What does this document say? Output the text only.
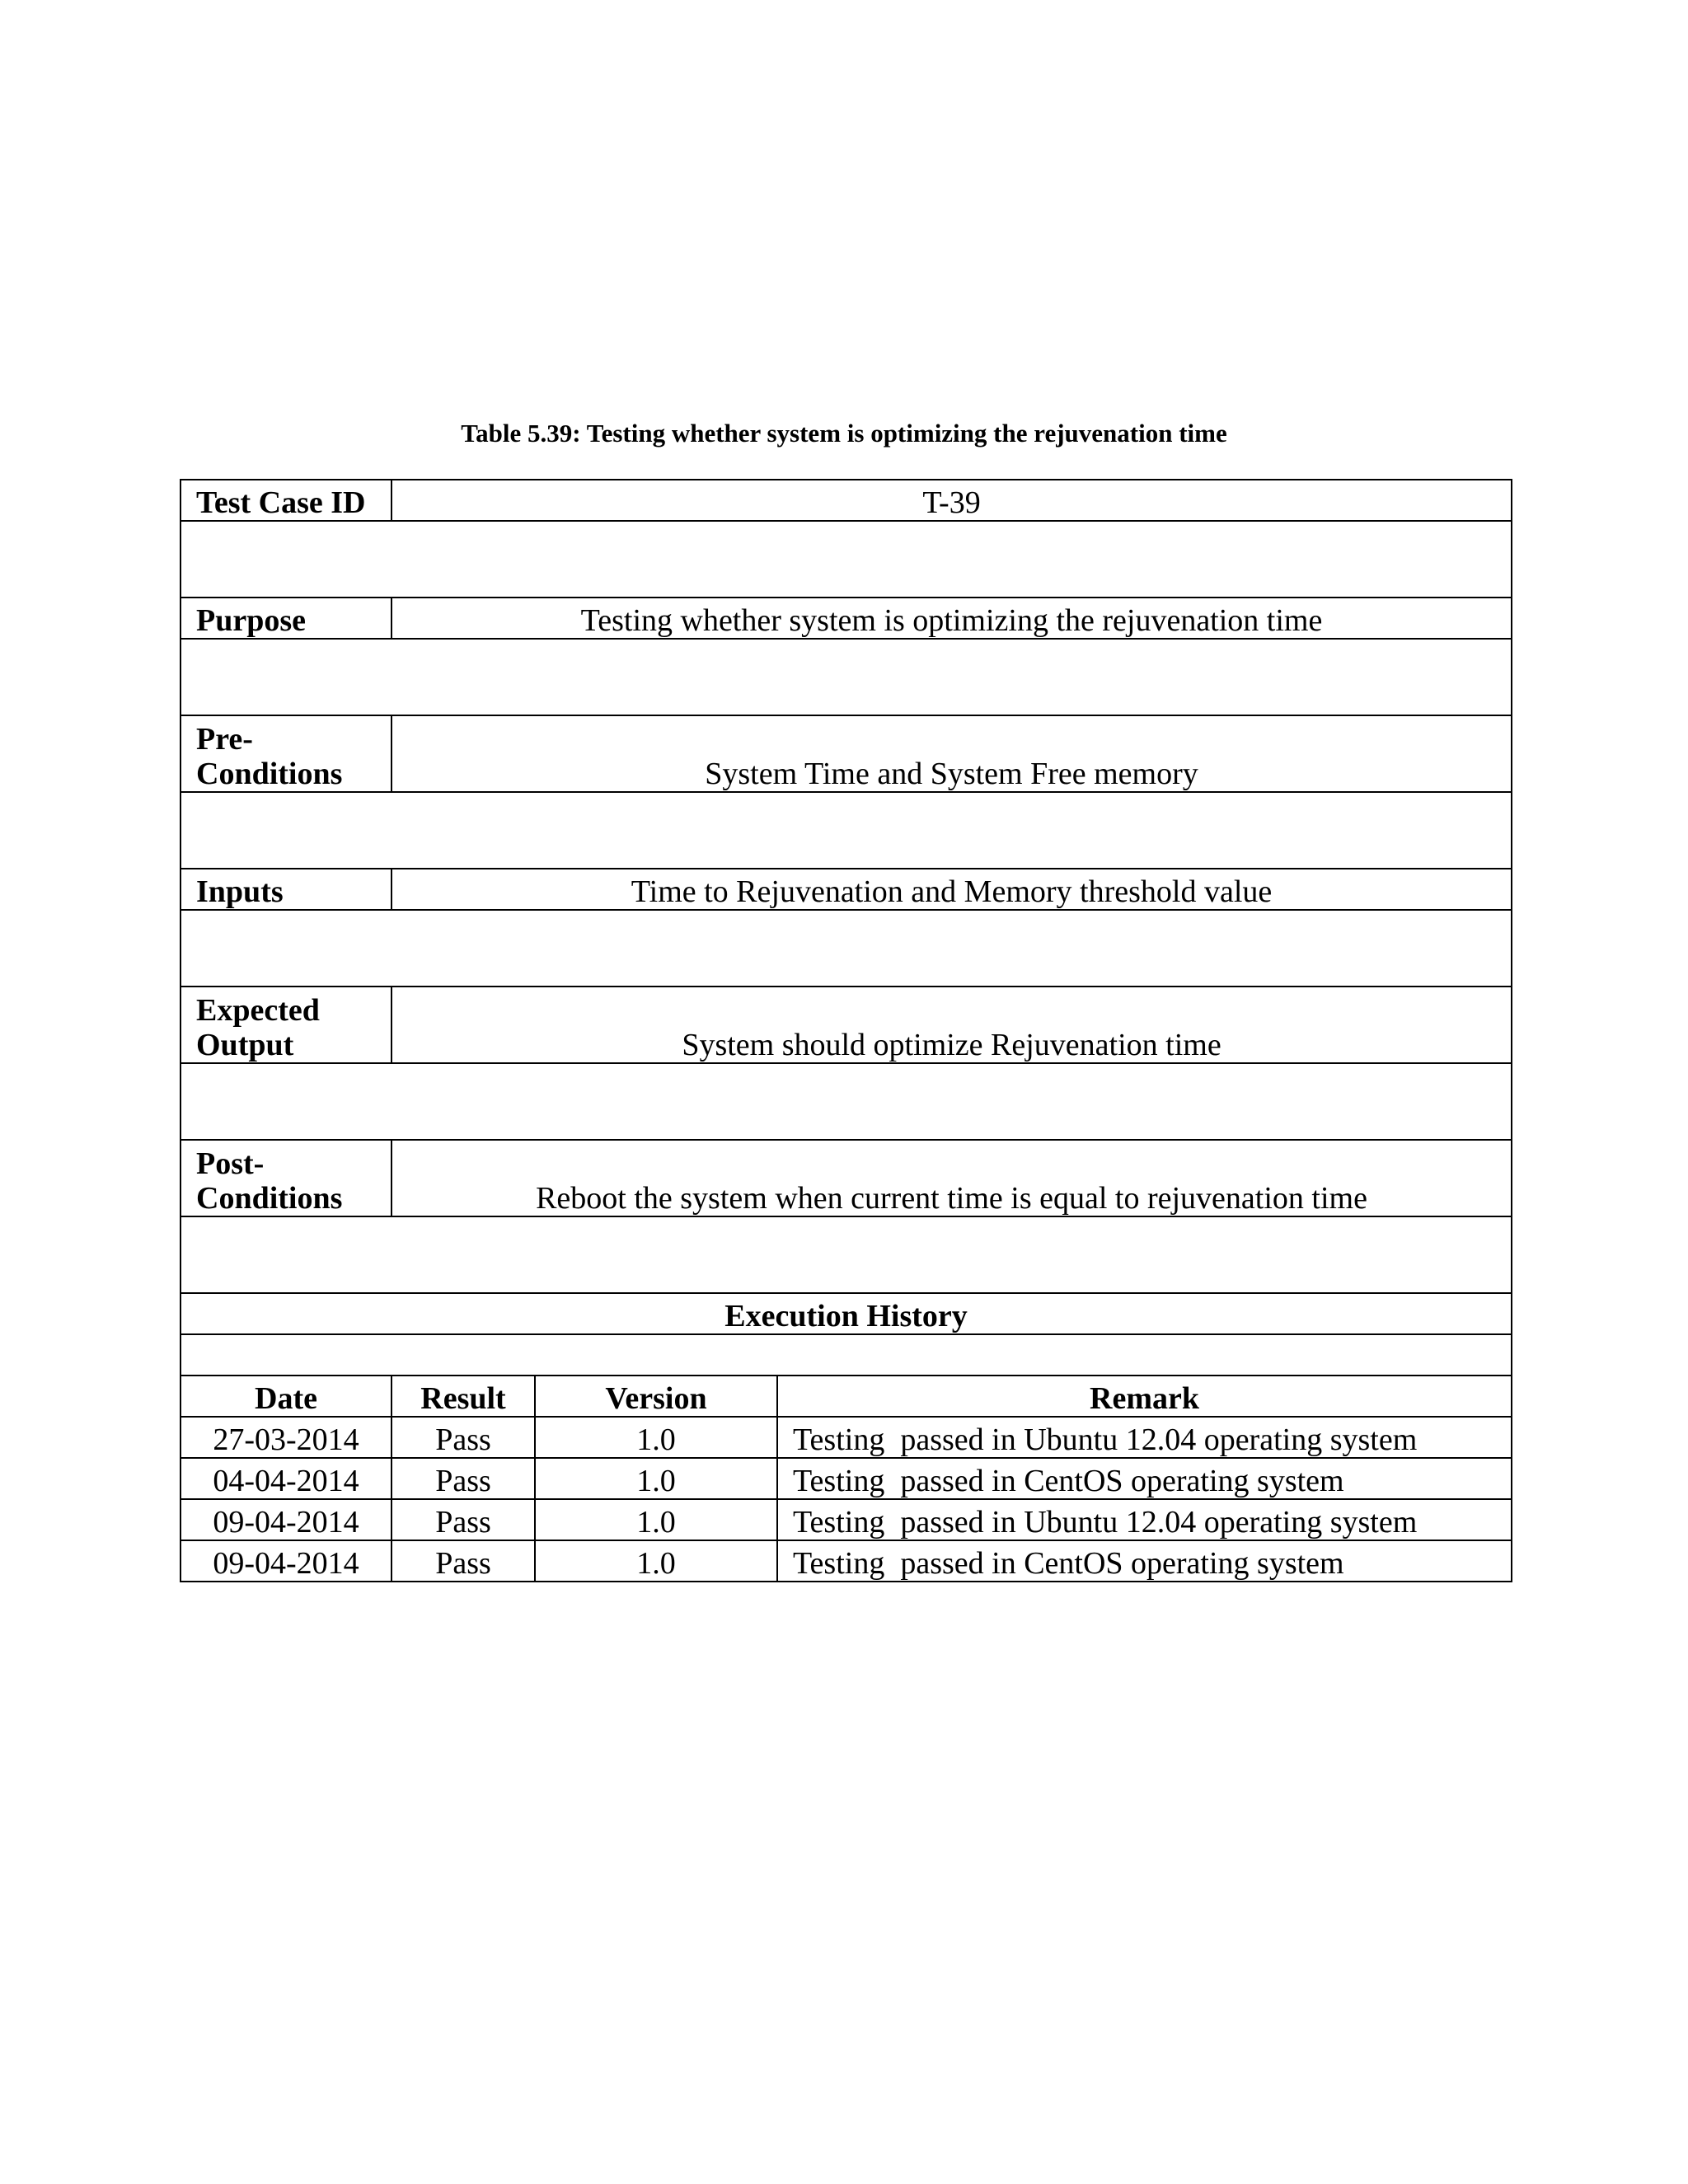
Table 5.39: Testing whether system is optimizing the rejuvenation time
Test Case ID	T-39		

Purpose	Testing whether system is optimizing the rejuvenation time		

Pre-
Conditions	System Time and System Free memory		

Inputs	Time to Rejuvenation and Memory threshold value		

Expected
Output	System should optimize Rejuvenation time		

Post-
Conditions	Reboot the system when current time is equal to rejuvenation time		

Execution History			

Date	Result	Version	Remark
27-03-2014	Pass	1.0	Testing  passed in Ubuntu 12.04 operating system
04-04-2014	Pass	1.0	Testing  passed in CentOS operating system
09-04-2014	Pass	1.0	Testing  passed in Ubuntu 12.04 operating system
09-04-2014	Pass	1.0	Testing  passed in CentOS operating system
